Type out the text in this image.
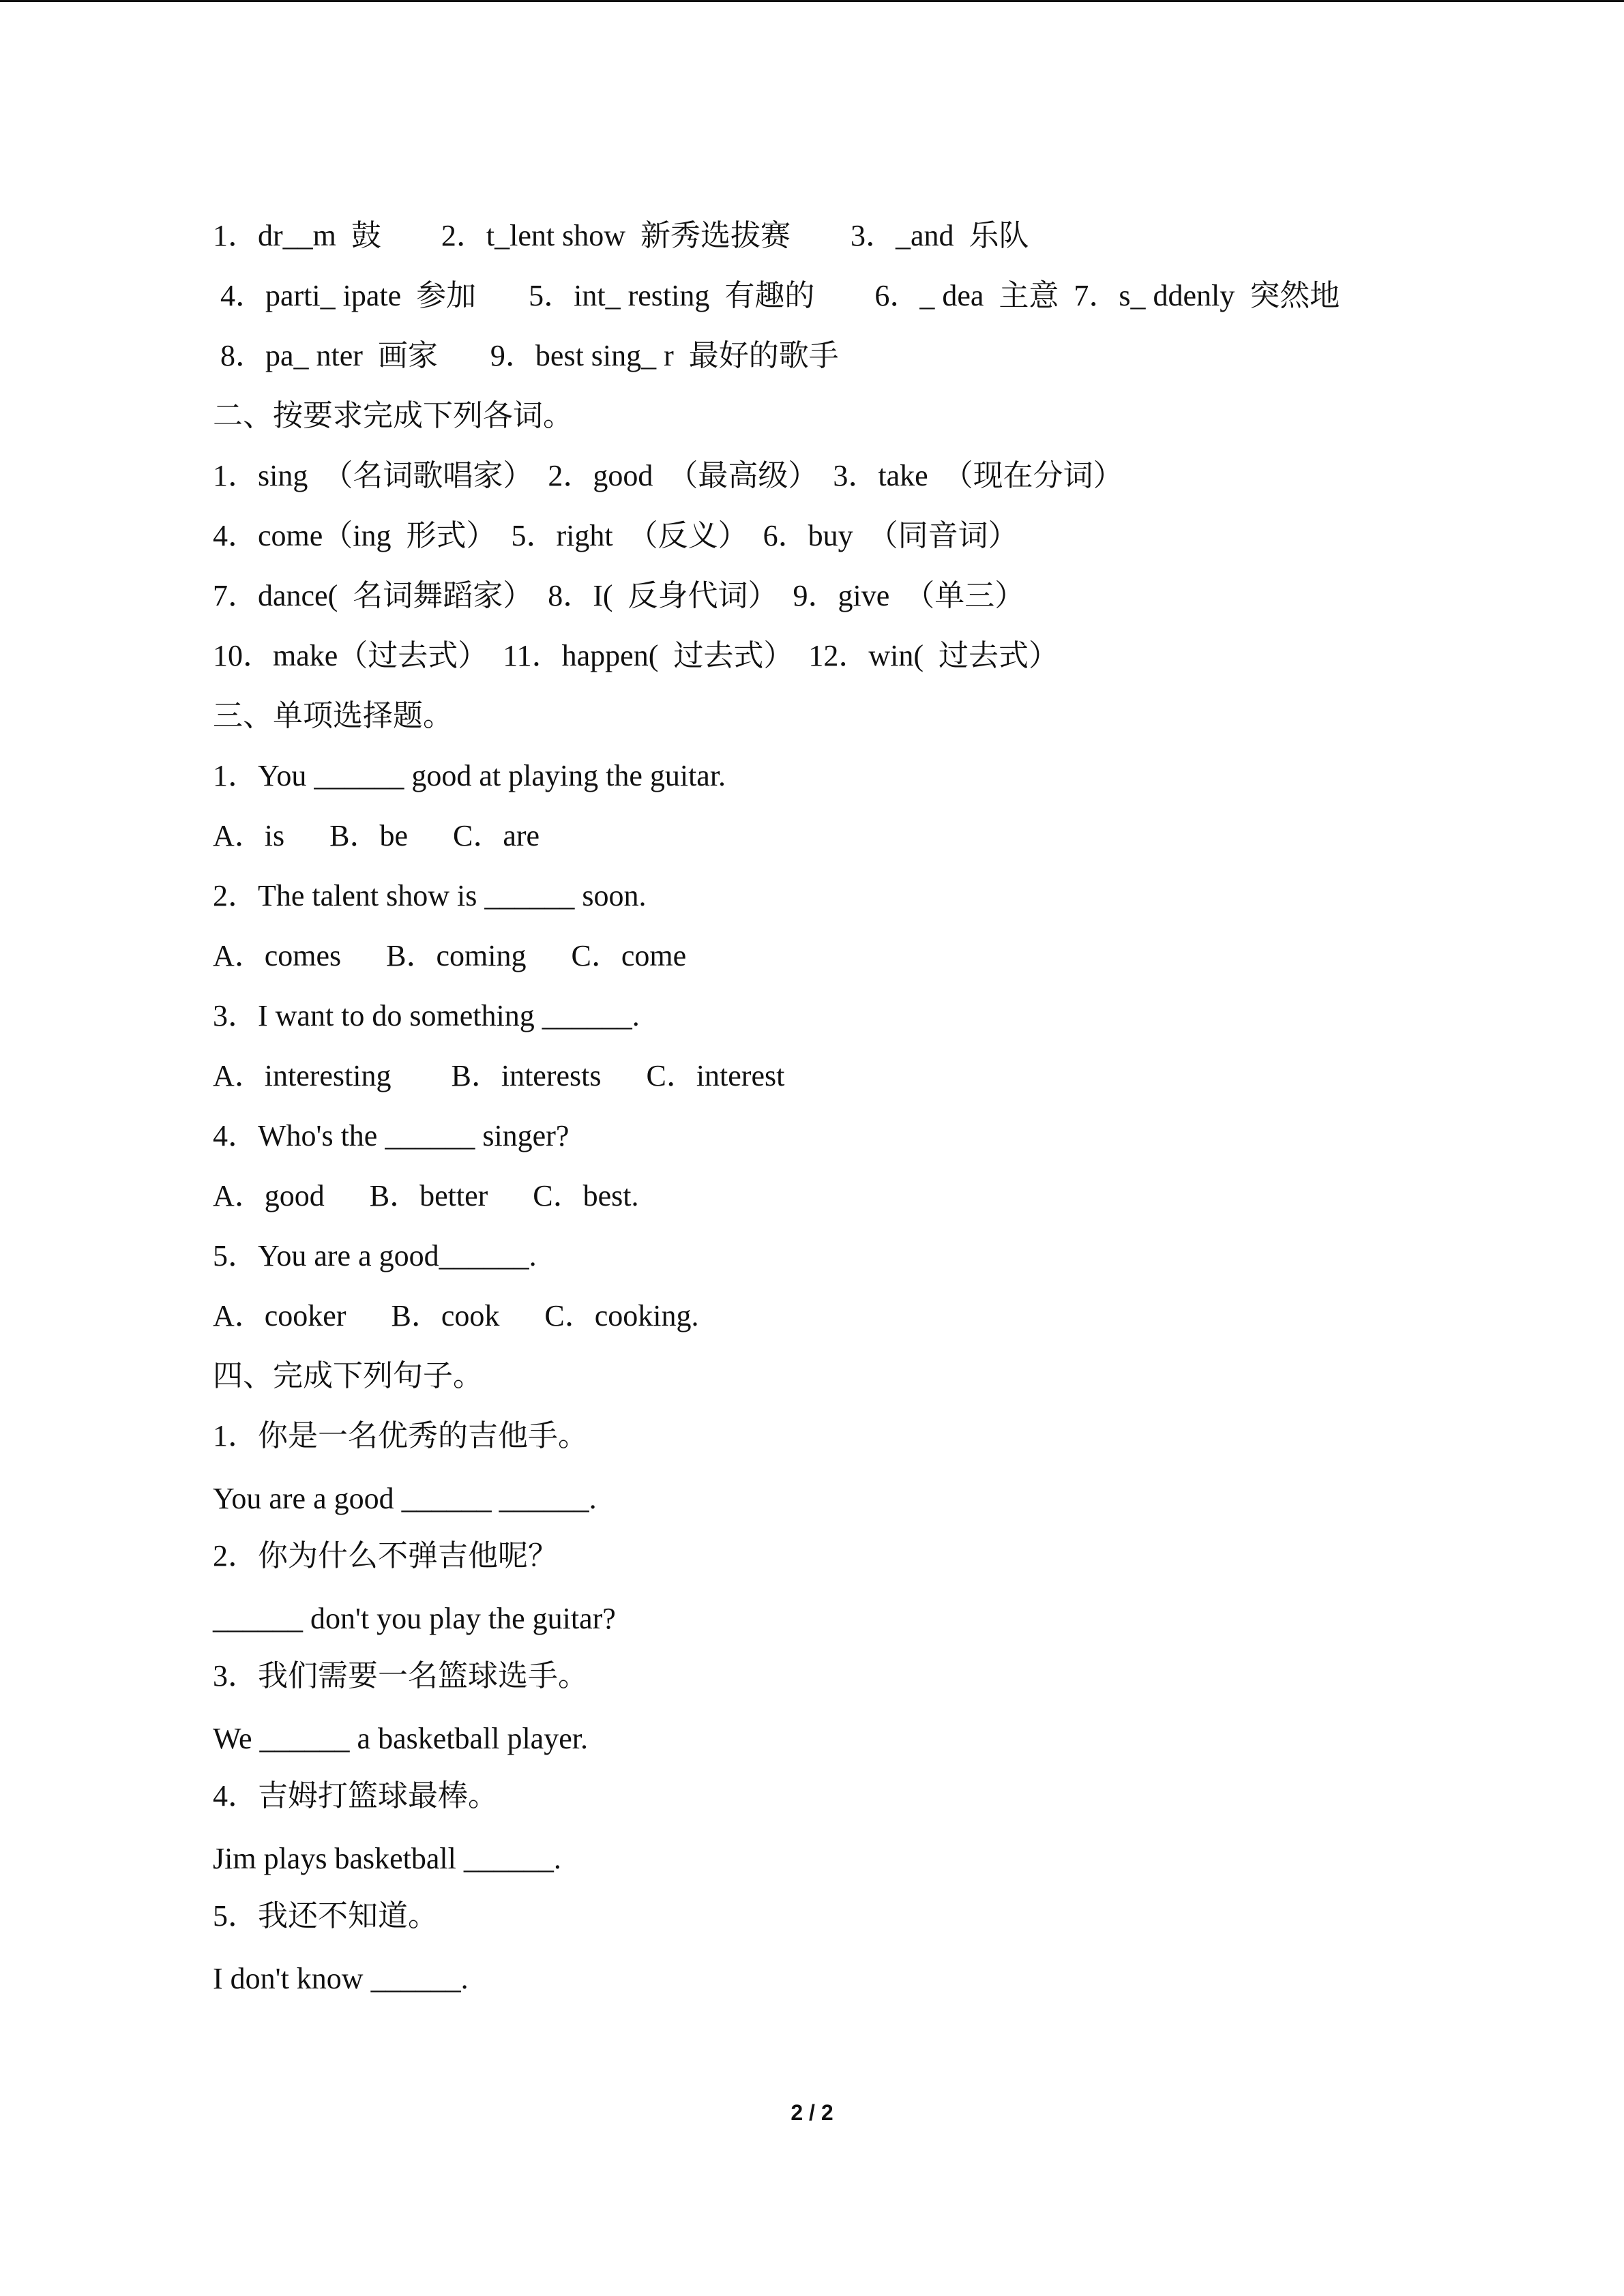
1．dr__m  鼓        2．t_lent show  新秀选拔赛        3．_and  乐队
4．parti_ ipate  参加       5．int_ resting  有趣的        6．_ dea  主意  7．s_ ddenly  突然地
8．pa_ nter  画家       9．best sing_ r  最好的歌手
二、按要求完成下列各词。
1．sing  （名词歌唱家）  2．good  （最高级）  3．take  （现在分词）
4．come（ing  形式）  5．right  （反义）  6．buy  （同音词）
7．dance(  名词舞蹈家）  8．I(  反身代词）  9．give  （单三）
10．make（过去式）  11．happen(  过去式）  12．win(  过去式）
三、单项选择题。
1．You ______ good at playing the guitar.
A．is      B．be      C．are
2．The talent show is ______ soon.
A．comes      B．coming      C．come
3．I want to do something ______.
A．interesting        B．interests      C．interest
4．Who's the ______ singer?
A．good      B．better      C．best.
5．You are a good______.
A．cooker      B．cook      C．cooking.
四、完成下列句子。
1．你是一名优秀的吉他手。
You are a good ______ ______.
2．你为什么不弹吉他呢？
______ don't you play the guitar?
3．我们需要一名篮球选手。
We ______ a basketball player.
4．吉姆打篮球最棒。
Jim plays basketball ______.
5．我还不知道。
I don't know ______.
2 / 2
